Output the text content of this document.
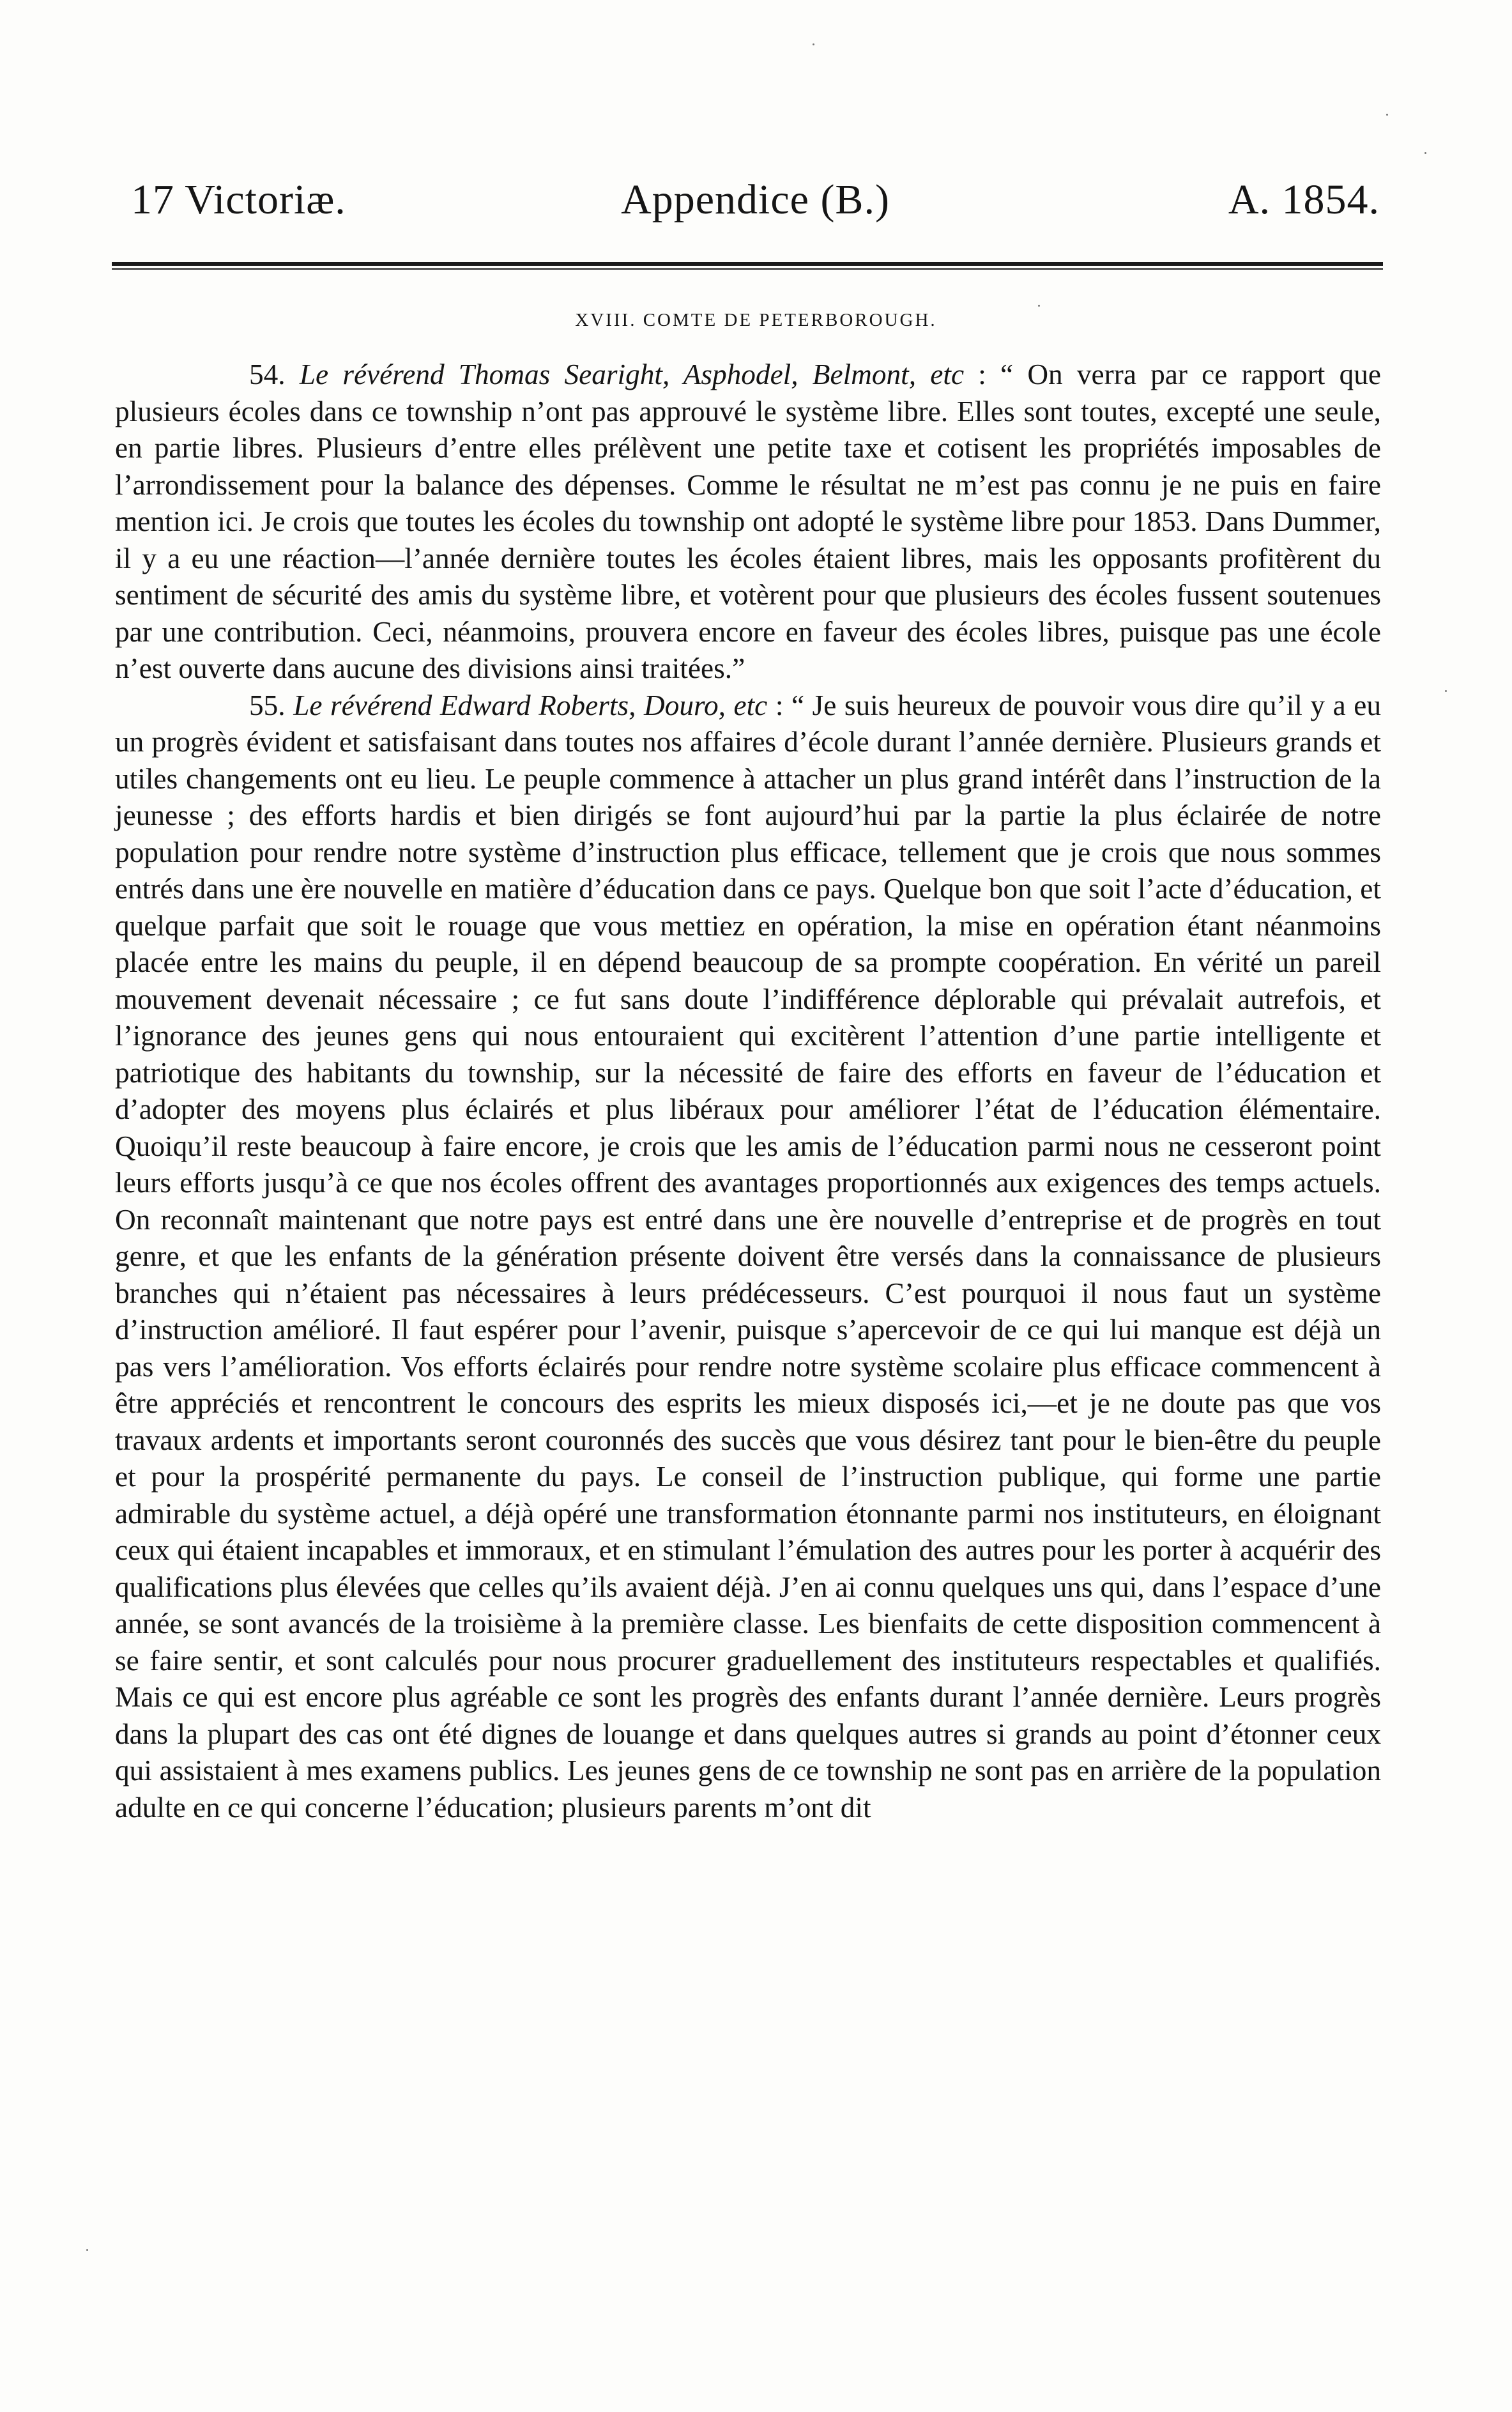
17 Victoriæ.	Appendice (B.)	A. 1854.
XVIII. COMTE DE PETERBOROUGH.

54. Le révérend Thomas Searight, Asphodel, Belmont, etc : “ On verra par ce rapport que plusieurs écoles dans ce township n’ont pas approuvé le système libre. Elles sont toutes, excepté une seule, en partie libres. Plusieurs d’entre elles prélèvent une petite taxe et cotisent les propriétés imposables de l’arrondissement pour la balance des dépenses. Comme le résultat ne m’est pas connu je ne puis en faire mention ici. Je crois que toutes les écoles du township ont adopté le système libre pour 1853. Dans Dummer, il y a eu une réaction—l’année dernière toutes les écoles étaient libres, mais les opposants profitèrent du sentiment de sécurité des amis du système libre, et votèrent pour que plusieurs des écoles fussent soutenues par une contribution. Ceci, néanmoins, prouvera encore en faveur des écoles libres, puisque pas une école n’est ouverte dans aucune des divisions ainsi traitées.”

55. Le révérend Edward Roberts, Douro, etc : “ Je suis heureux de pouvoir vous dire qu’il y a eu un progrès évident et satisfaisant dans toutes nos affaires d’école durant l’année dernière. Plusieurs grands et utiles changements ont eu lieu. Le peuple commence à attacher un plus grand intérêt dans l’instruction de la jeunesse ; des efforts hardis et bien dirigés se font aujourd’hui par la partie la plus éclairée de notre population pour rendre notre système d’instruction plus efficace, tellement que je crois que nous sommes entrés dans une ère nouvelle en matière d’éducation dans ce pays. Quelque bon que soit l’acte d’éducation, et quelque parfait que soit le rouage que vous mettiez en opération, la mise en opération étant néanmoins placée entre les mains du peuple, il en dépend beaucoup de sa prompte coopération. En vérité un pareil mouvement devenait nécessaire ; ce fut sans doute l’indifférence déplorable qui prévalait autrefois, et l’ignorance des jeunes gens qui nous entouraient qui excitèrent l’attention d’une partie intelligente et patriotique des habitants du township, sur la nécessité de faire des efforts en faveur de l’éducation et d’adopter des moyens plus éclairés et plus libéraux pour améliorer l’état de l’éducation élémentaire. Quoiqu’il reste beaucoup à faire encore, je crois que les amis de l’éducation parmi nous ne cesseront point leurs efforts jusqu’à ce que nos écoles offrent des avantages proportionnés aux exigences des temps actuels. On reconnaît maintenant que notre pays est entré dans une ère nouvelle d’entreprise et de progrès en tout genre, et que les enfants de la génération présente doivent être versés dans la connaissance de plusieurs branches qui n’étaient pas nécessaires à leurs prédécesseurs. C’est pourquoi il nous faut un système d’instruction amélioré. Il faut espérer pour l’avenir, puisque s’apercevoir de ce qui lui manque est déjà un pas vers l’amélioration. Vos efforts éclairés pour rendre notre système scolaire plus efficace commencent à être appréciés et rencontrent le concours des esprits les mieux disposés ici,—et je ne doute pas que vos travaux ardents et importants seront couronnés des succès que vous désirez tant pour le bien-être du peuple et pour la prospérité permanente du pays. Le conseil de l’instruction publique, qui forme une partie admirable du système actuel, a déjà opéré une transformation étonnante parmi nos instituteurs, en éloignant ceux qui étaient incapables et immoraux, et en stimulant l’émulation des autres pour les porter à acquérir des qualifications plus élevées que celles qu’ils avaient déjà. J’en ai connu quelques uns qui, dans l’espace d’une année, se sont avancés de la troisième à la première classe. Les bienfaits de cette disposition commencent à se faire sentir, et sont calculés pour nous procurer graduellement des instituteurs respectables et qualifiés. Mais ce qui est encore plus agréable ce sont les progrès des enfants durant l’année dernière. Leurs progrès dans la plupart des cas ont été dignes de louange et dans quelques autres si grands au point d’étonner ceux qui assistaient à mes examens publics. Les jeunes gens de ce township ne sont pas en arrière de la population adulte en ce qui concerne l’éducation; plusieurs parents m’ont dit
